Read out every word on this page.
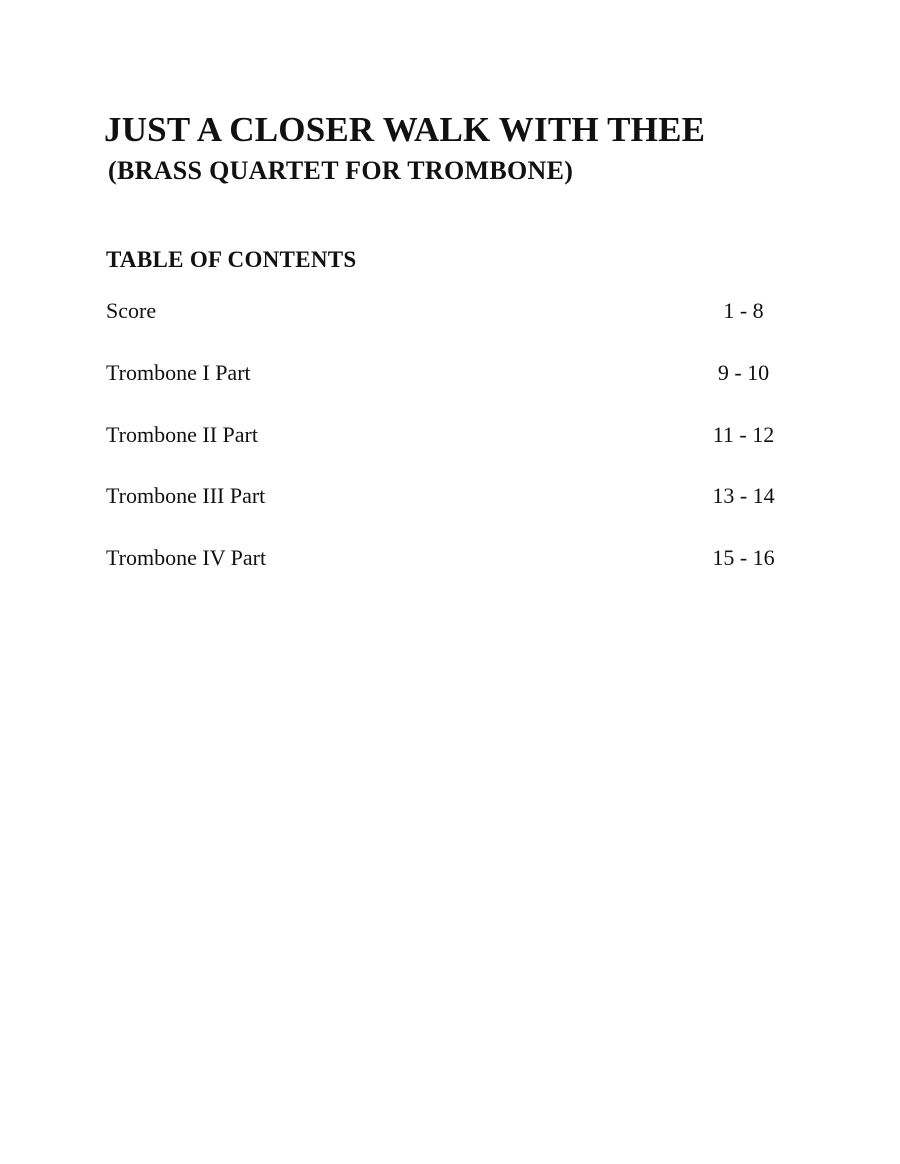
JUST A CLOSER WALK WITH THEE
(BRASS QUARTET FOR TROMBONE)
TABLE OF CONTENTS
Score	1 - 8
Trombone I Part	9 - 10
Trombone II Part	11 - 12
Trombone III Part	13 - 14
Trombone IV Part	15 - 16
